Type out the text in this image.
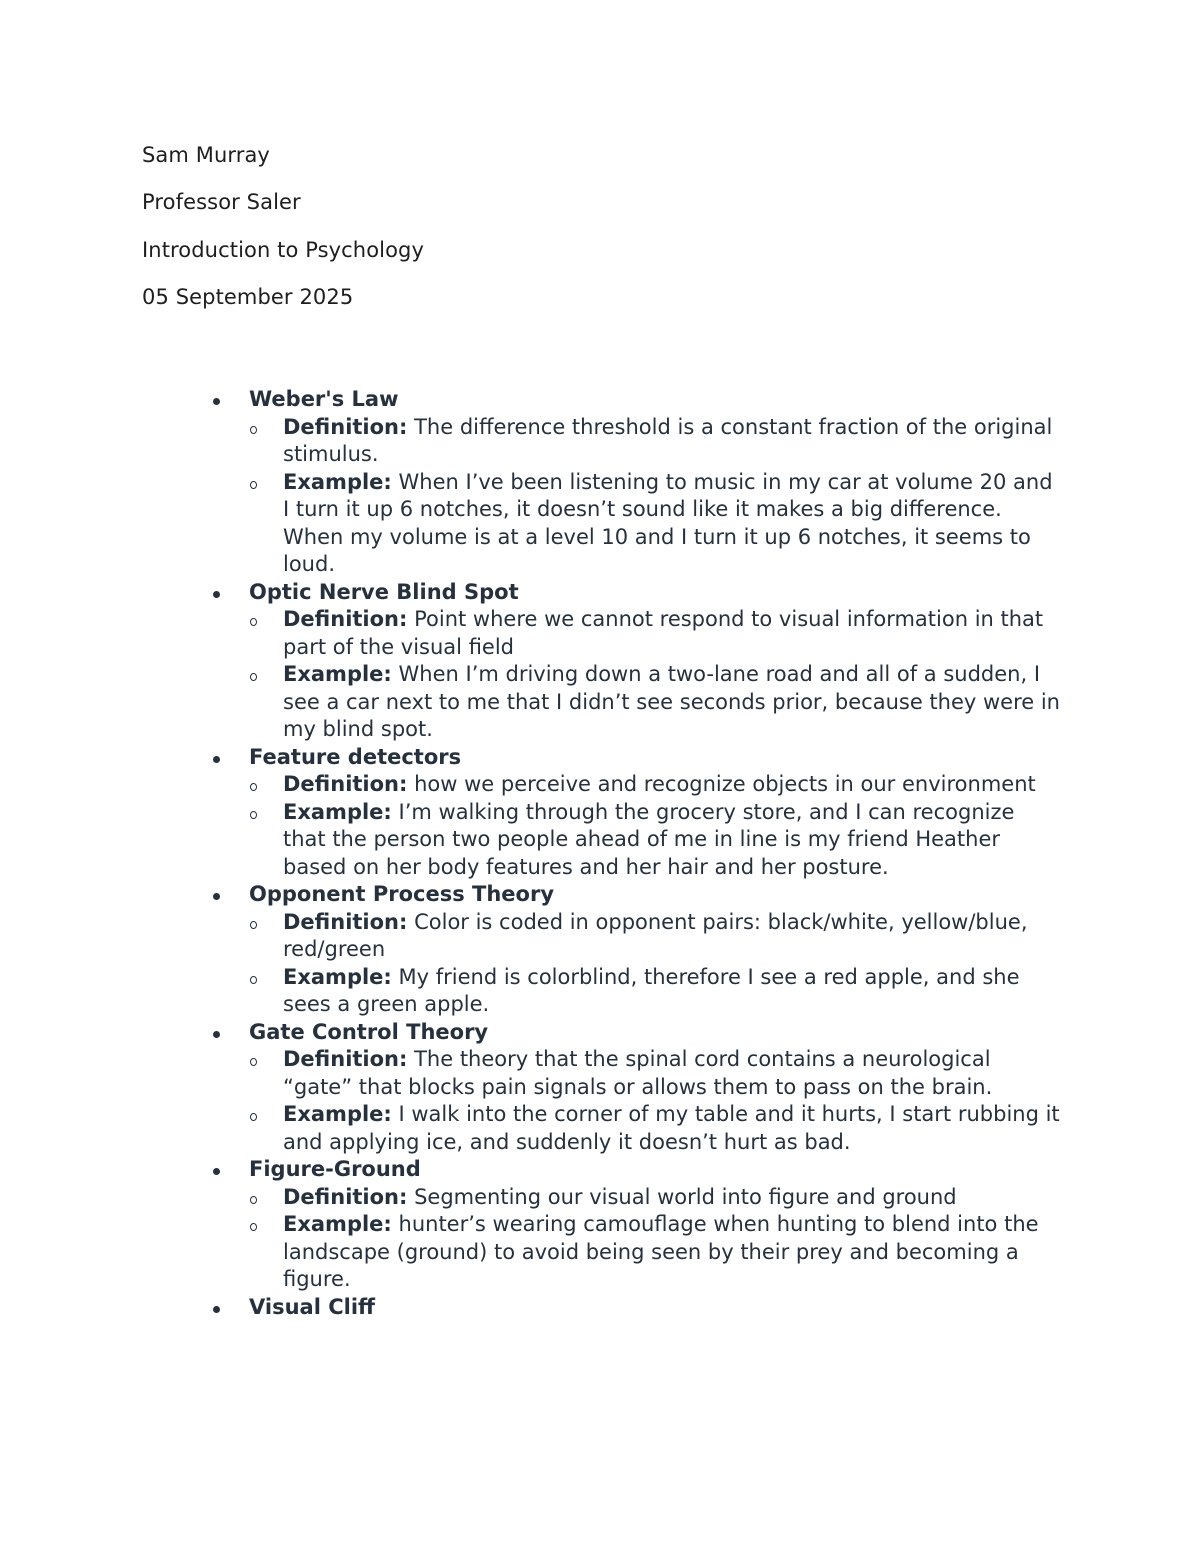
Sam Murray
Professor Saler
Introduction to Psychology
05 September 2025
Weber's Law
Definition: The difference threshold is a constant fraction of the original stimulus.
Example: When I’ve been listening to music in my car at volume 20 and I turn it up 6 notches, it doesn’t sound like it makes a big difference. When my volume is at a level 10 and I turn it up 6 notches, it seems to loud.
Optic Nerve Blind Spot
Definition: Point where we cannot respond to visual information in that part of the visual field
Example: When I’m driving down a two-lane road and all of a sudden, I see a car next to me that I didn’t see seconds prior, because they were in my blind spot.
Feature detectors
Definition: how we perceive and recognize objects in our environment
Example: I’m walking through the grocery store, and I can recognize that the person two people ahead of me in line is my friend Heather based on her body features and her hair and her posture.
Opponent Process Theory
Definition: Color is coded in opponent pairs: black/white, yellow/blue, red/green
Example: My friend is colorblind, therefore I see a red apple, and she sees a green apple.
Gate Control Theory
Definition: The theory that the spinal cord contains a neurological “gate” that blocks pain signals or allows them to pass on the brain.
Example: I walk into the corner of my table and it hurts, I start rubbing it and applying ice, and suddenly it doesn’t hurt as bad.
Figure-Ground
Definition: Segmenting our visual world into figure and ground
Example: hunter’s wearing camouflage when hunting to blend into the landscape (ground) to avoid being seen by their prey and becoming a figure.
Visual Cliff
